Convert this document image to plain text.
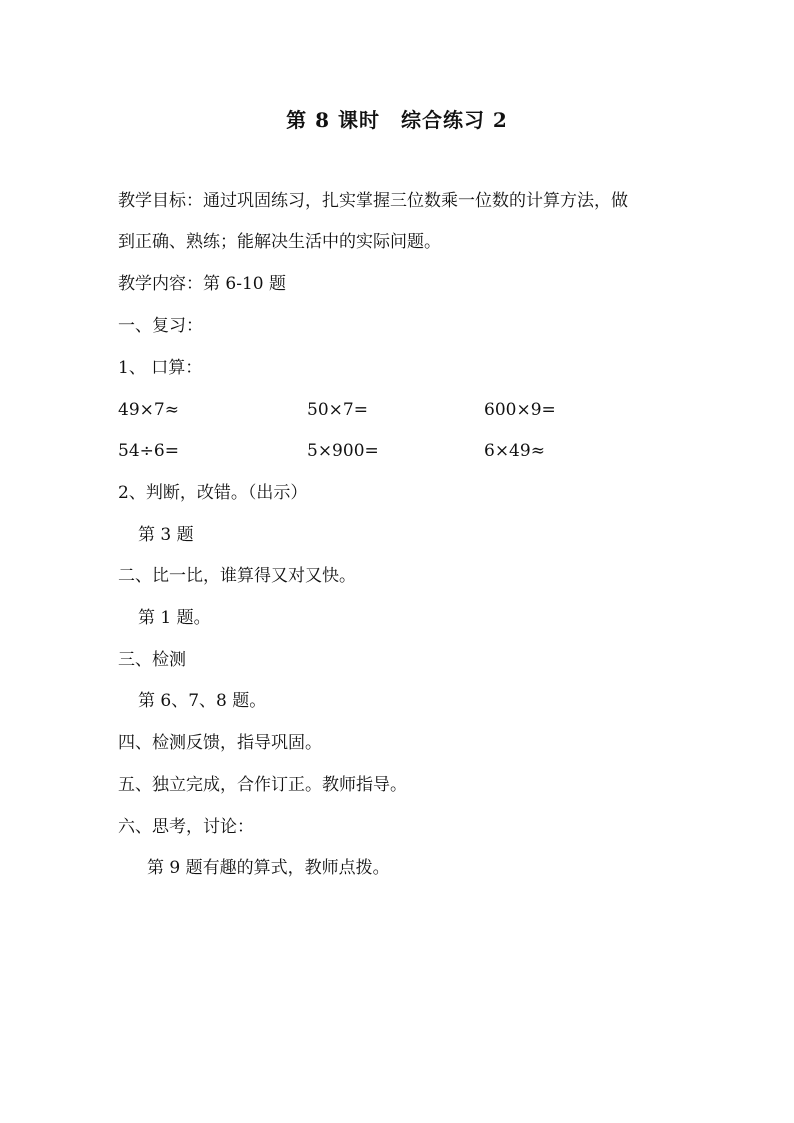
第 8 课时　综合练习 2
教学目标：通过巩固练习，扎实掌握三位数乘一位数的计算方法，做
到正确、熟练；能解决生活中的实际问题。
教学内容：第 6-10 题
一、复习：
1、 口算：
49×7≈	50×7=	600×9=
54÷6=	5×900=	6×49≈
2、判断，改错。（出示）
第 3 题
二、比一比，谁算得又对又快。
第 1 题。
三、检测
第 6、7、8 题。
四、检测反馈，指导巩固。
五、独立完成，合作订正。教师指导。
六、思考，讨论：
第 9 题有趣的算式，教师点拨。
